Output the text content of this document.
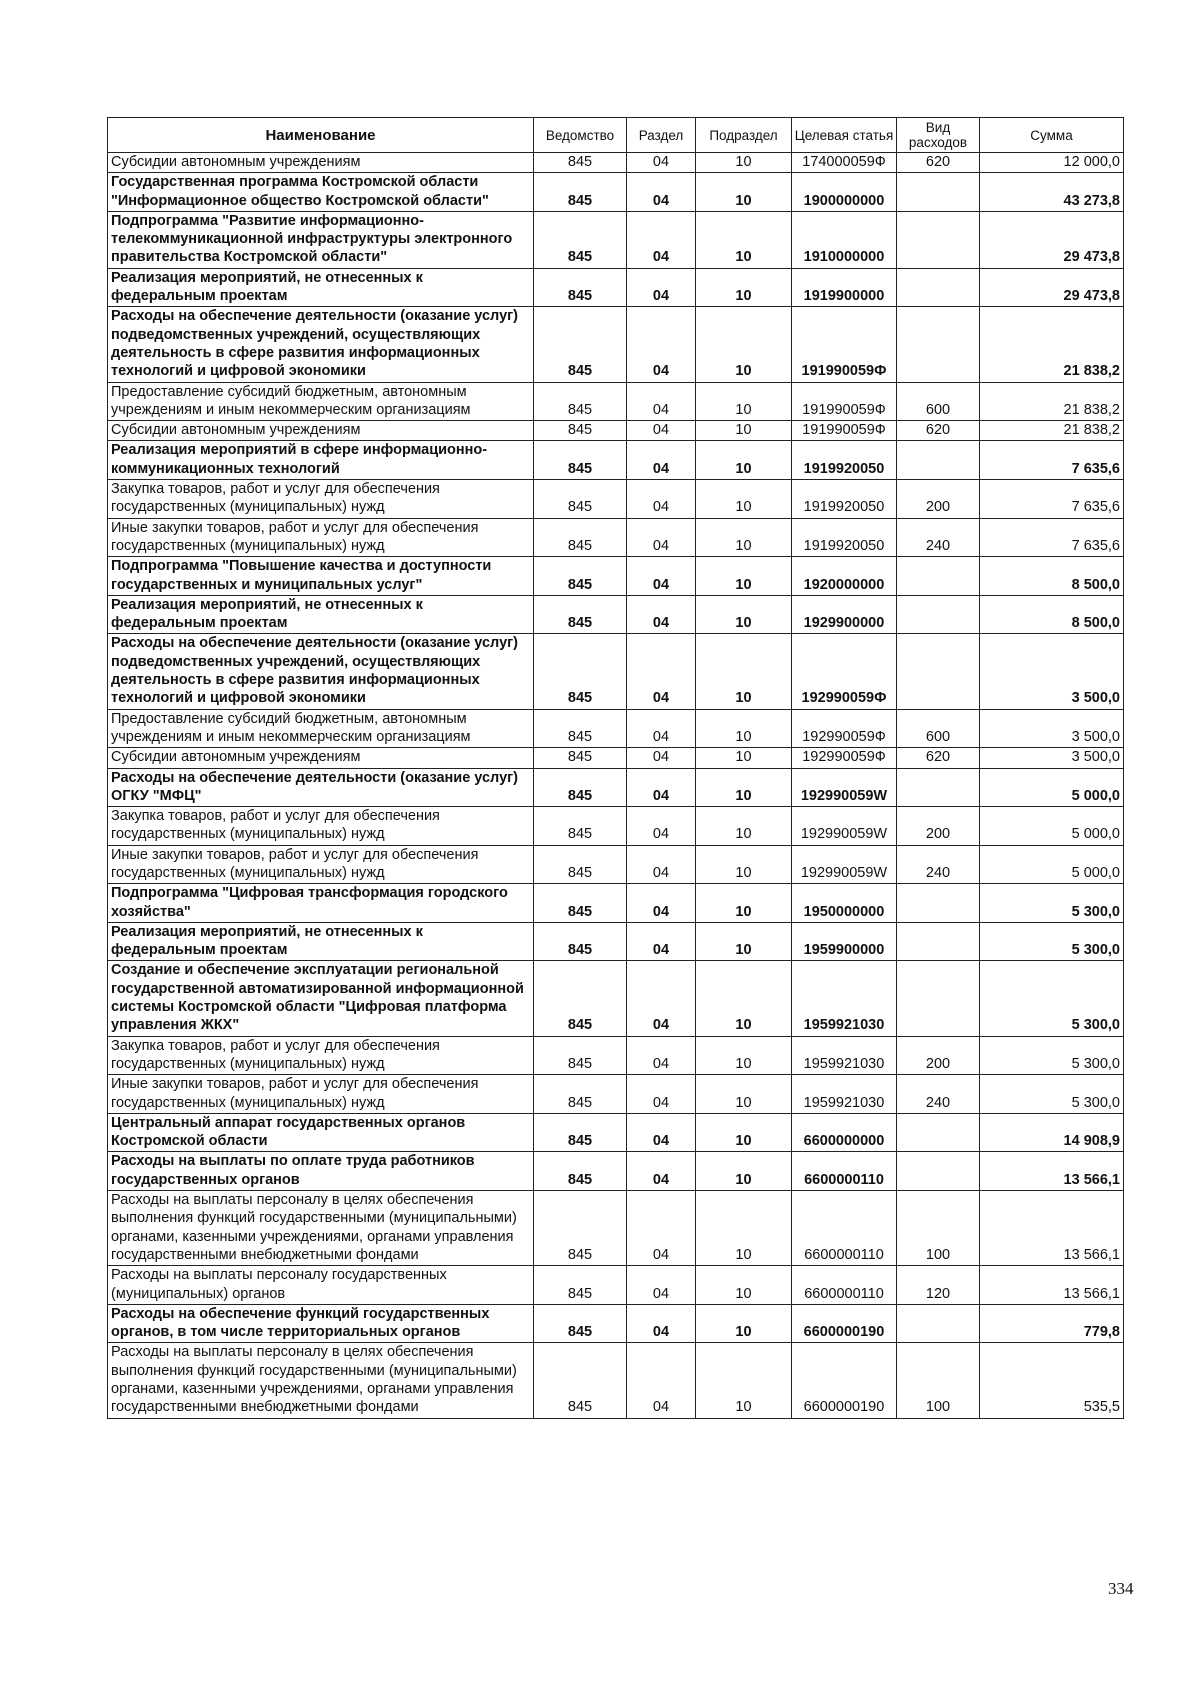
Наименование	Ведомство	Раздел	Подраздел	Целевая статья	Вид расходов	Сумма
Субсидии автономным учреждениям	845	04	10	174000059Ф	620	12 000,0
Государственная программа Костромской области "Информационное общество Костромской области"	845	04	10	1900000000		43 273,8
Подпрограмма "Развитие информационно-телекоммуникационной инфраструктуры электронного правительства Костромской области"	845	04	10	1910000000		29 473,8
Реализация мероприятий, не отнесенных к федеральным проектам	845	04	10	1919900000		29 473,8
Расходы на обеспечение деятельности (оказание услуг) подведомственных учреждений, осуществляющих деятельность в сфере развития информационных технологий и цифровой экономики	845	04	10	191990059Ф		21 838,2
Предоставление субсидий бюджетным, автономным учреждениям и иным некоммерческим организациям	845	04	10	191990059Ф	600	21 838,2
Субсидии автономным учреждениям	845	04	10	191990059Ф	620	21 838,2
Реализация мероприятий в сфере информационно-коммуникационных технологий	845	04	10	1919920050		7 635,6
Закупка товаров, работ и услуг для обеспечения государственных (муниципальных) нужд	845	04	10	1919920050	200	7 635,6
Иные закупки товаров, работ и услуг для обеспечения государственных (муниципальных) нужд	845	04	10	1919920050	240	7 635,6
Подпрограмма "Повышение качества и доступности государственных и муниципальных услуг"	845	04	10	1920000000		8 500,0
Реализация мероприятий, не отнесенных к федеральным проектам	845	04	10	1929900000		8 500,0
Расходы на обеспечение деятельности (оказание услуг) подведомственных учреждений, осуществляющих деятельность в сфере развития информационных технологий и цифровой экономики	845	04	10	192990059Ф		3 500,0
Предоставление субсидий бюджетным, автономным учреждениям и иным некоммерческим организациям	845	04	10	192990059Ф	600	3 500,0
Субсидии автономным учреждениям	845	04	10	192990059Ф	620	3 500,0
Расходы на обеспечение деятельности (оказание услуг) ОГКУ "МФЦ"	845	04	10	192990059W		5 000,0
Закупка товаров, работ и услуг для обеспечения государственных (муниципальных) нужд	845	04	10	192990059W	200	5 000,0
Иные закупки товаров, работ и услуг для обеспечения государственных (муниципальных) нужд	845	04	10	192990059W	240	5 000,0
Подпрограмма "Цифровая трансформация городского хозяйства"	845	04	10	1950000000		5 300,0
Реализация мероприятий, не отнесенных к федеральным проектам	845	04	10	1959900000		5 300,0
Создание и обеспечение эксплуатации региональной государственной автоматизированной информационной системы Костромской области "Цифровая платформа управления ЖКХ"	845	04	10	1959921030		5 300,0
Закупка товаров, работ и услуг для обеспечения государственных (муниципальных) нужд	845	04	10	1959921030	200	5 300,0
Иные закупки товаров, работ и услуг для обеспечения государственных (муниципальных) нужд	845	04	10	1959921030	240	5 300,0
Центральный аппарат государственных органов Костромской области	845	04	10	6600000000		14 908,9
Расходы на выплаты по оплате труда работников государственных органов	845	04	10	6600000110		13 566,1
Расходы на выплаты персоналу в целях обеспечения выполнения функций государственными (муниципальными) органами, казенными учреждениями, органами управления государственными внебюджетными фондами	845	04	10	6600000110	100	13 566,1
Расходы на выплаты персоналу государственных (муниципальных) органов	845	04	10	6600000110	120	13 566,1
Расходы на обеспечение функций государственных органов, в том числе территориальных органов	845	04	10	6600000190		779,8
Расходы на выплаты персоналу в целях обеспечения выполнения функций государственными (муниципальными) органами, казенными учреждениями, органами управления государственными внебюджетными фондами	845	04	10	6600000190	100	535,5
334
